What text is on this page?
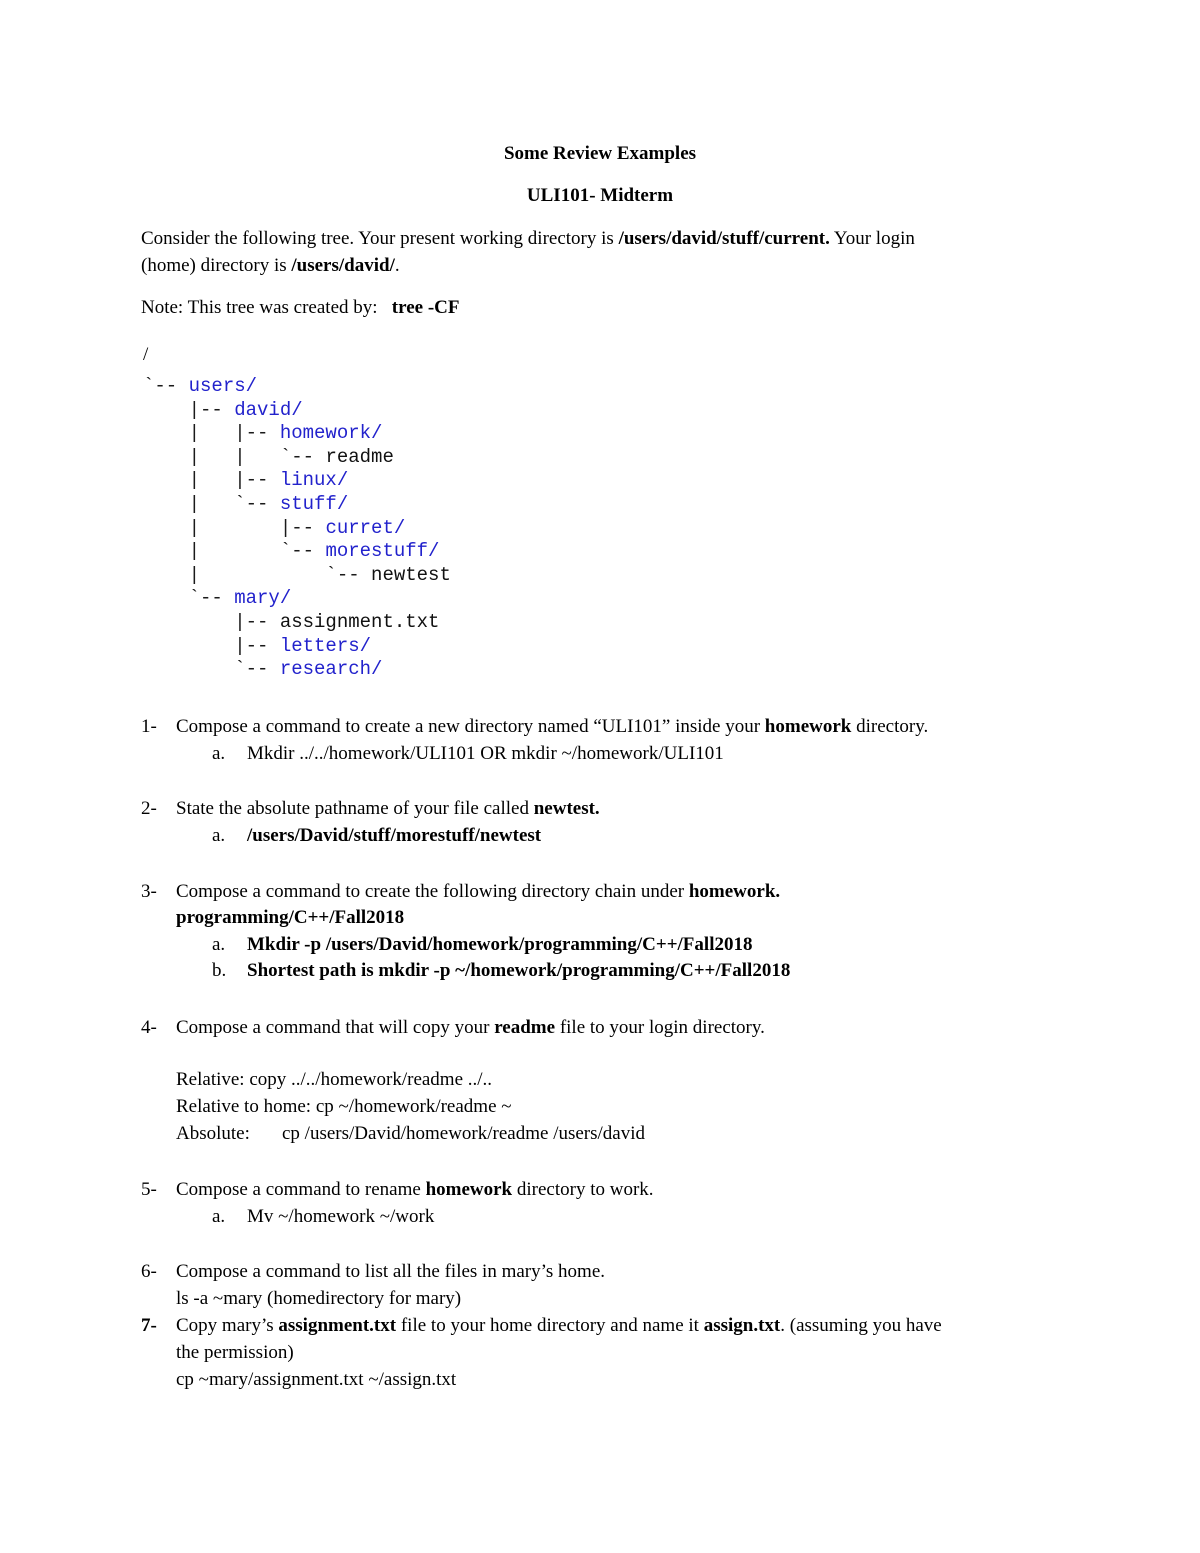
Some Review Examples
ULI101- Midterm
Consider the following tree. Your present working directory is /users/david/stuff/current. Your login
(home) directory is /users/david/.
Note: This tree was created by: tree -CF
/
`-- users/
|-- david/
|   |-- homework/
|   |   `-- readme
|   |-- linux/
|   `-- stuff/
|       |-- curret/
|       `-- morestuff/
|           `-- newtest
`-- mary/
|-- assignment.txt
|-- letters/
`-- research/
1- Compose a command to create a new directory named “ULI101” inside your homework directory.
a. Mkdir ../../homework/ULI101 OR mkdir ~/homework/ULI101
2- State the absolute pathname of your file called newtest.
a. /users/David/stuff/morestuff/newtest
3- Compose a command to create the following directory chain under homework.
programming/C++/Fall2018
a. Mkdir -p /users/David/homework/programming/C++/Fall2018
b. Shortest path is mkdir -p ~/homework/programming/C++/Fall2018
4- Compose a command that will copy your readme file to your login directory.
Relative: copy ../../homework/readme ../..
Relative to home: cp ~/homework/readme ~
Absolute: cp /users/David/homework/readme /users/david
5- Compose a command to rename homework directory to work.
a. Mv ~/homework ~/work
6- Compose a command to list all the files in mary’s home.
ls -a ~mary (homedirectory for mary)
7- Copy mary’s assignment.txt file to your home directory and name it assign.txt. (assuming you have
the permission)
cp ~mary/assignment.txt ~/assign.txt
